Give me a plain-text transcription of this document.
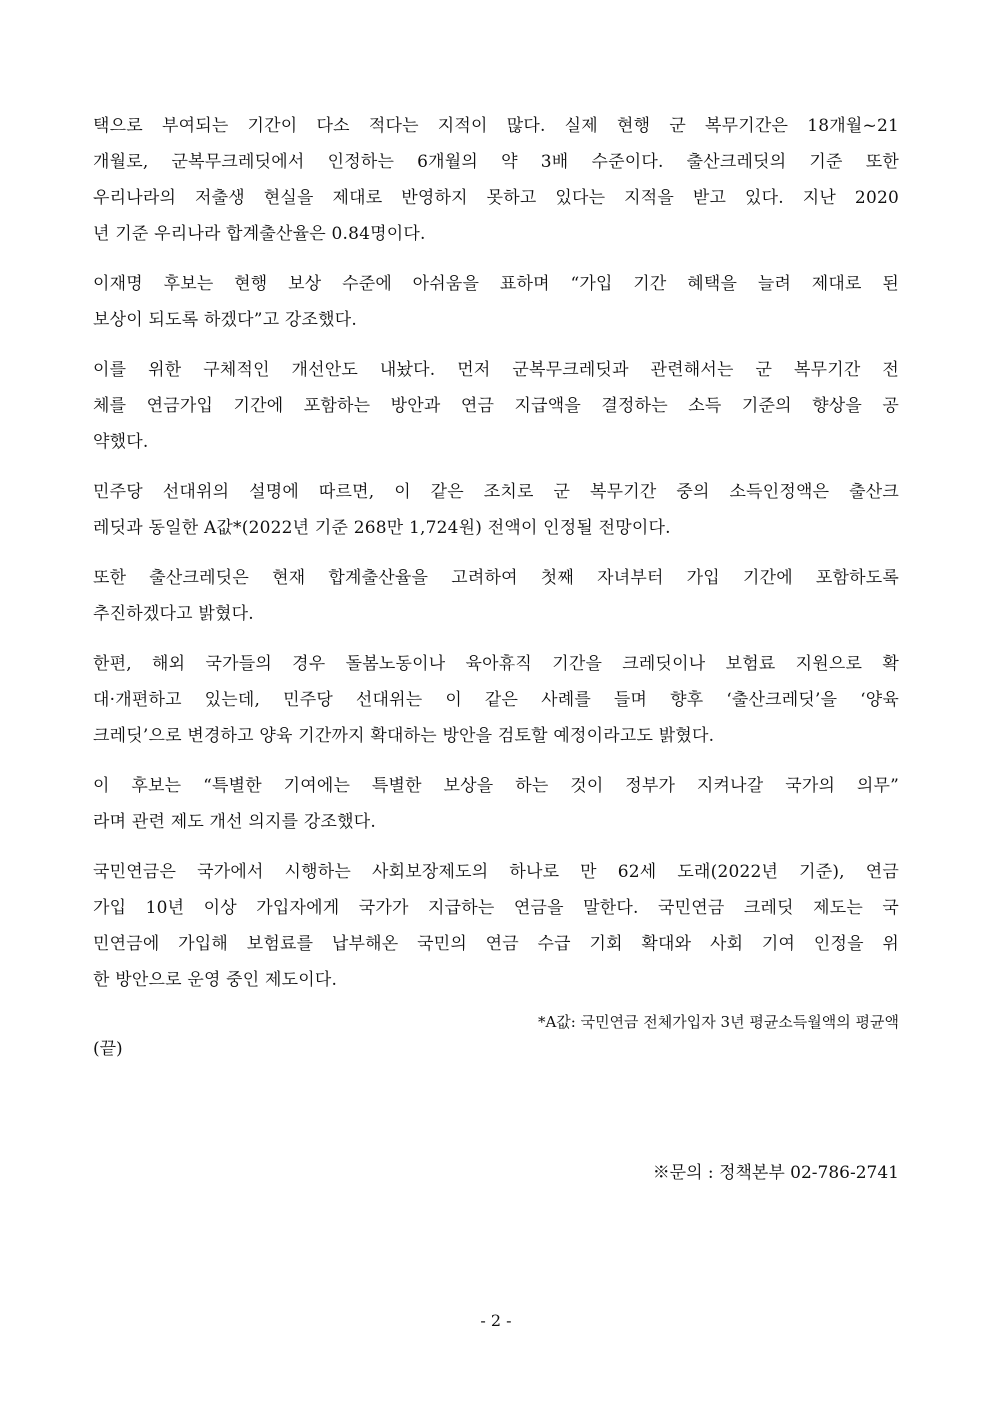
택으로 부여되는 기간이 다소 적다는 지적이 많다. 실제 현행 군 복무기간은 18개월~21
개월로, 군복무크레딧에서 인정하는 6개월의 약 3배 수준이다. 출산크레딧의 기준 또한
우리나라의 저출생 현실을 제대로 반영하지 못하고 있다는 지적을 받고 있다. 지난 2020
년 기준 우리나라 합계출산율은 0.84명이다.

이재명 후보는 현행 보상 수준에 아쉬움을 표하며 “가입 기간 혜택을 늘려 제대로 된
보상이 되도록 하겠다”고 강조했다.

이를 위한 구체적인 개선안도 내놨다. 먼저 군복무크레딧과 관련해서는 군 복무기간 전
체를 연금가입 기간에 포함하는 방안과 연금 지급액을 결정하는 소득 기준의 향상을 공
약했다.

민주당 선대위의 설명에 따르면, 이 같은 조치로 군 복무기간 중의 소득인정액은 출산크
레딧과 동일한 A값*(2022년 기준 268만 1,724원) 전액이 인정될 전망이다.

또한 출산크레딧은 현재 합계출산율을 고려하여 첫째 자녀부터 가입 기간에 포함하도록
추진하겠다고 밝혔다.

한편, 해외 국가들의 경우 돌봄노동이나 육아휴직 기간을 크레딧이나 보험료 지원으로 확
대·개편하고 있는데, 민주당 선대위는 이 같은 사례를 들며 향후 ‘출산크레딧’을 ‘양육
크레딧’으로 변경하고 양육 기간까지 확대하는 방안을 검토할 예정이라고도 밝혔다.

이 후보는 “특별한 기여에는 특별한 보상을 하는 것이 정부가 지켜나갈 국가의 의무”
라며 관련 제도 개선 의지를 강조했다.

국민연금은 국가에서 시행하는 사회보장제도의 하나로 만 62세 도래(2022년 기준), 연금
가입 10년 이상 가입자에게 국가가 지급하는 연금을 말한다. 국민연금 크레딧 제도는 국
민연금에 가입해 보험료를 납부해온 국민의 연금 수급 기회 확대와 사회 기여 인정을 위
한 방안으로 운영 중인 제도이다.

*A값: 국민연금 전체가입자 3년 평균소득월액의 평균액
(끝)
※문의 : 정책본부 02-786-2741
- 2 -
